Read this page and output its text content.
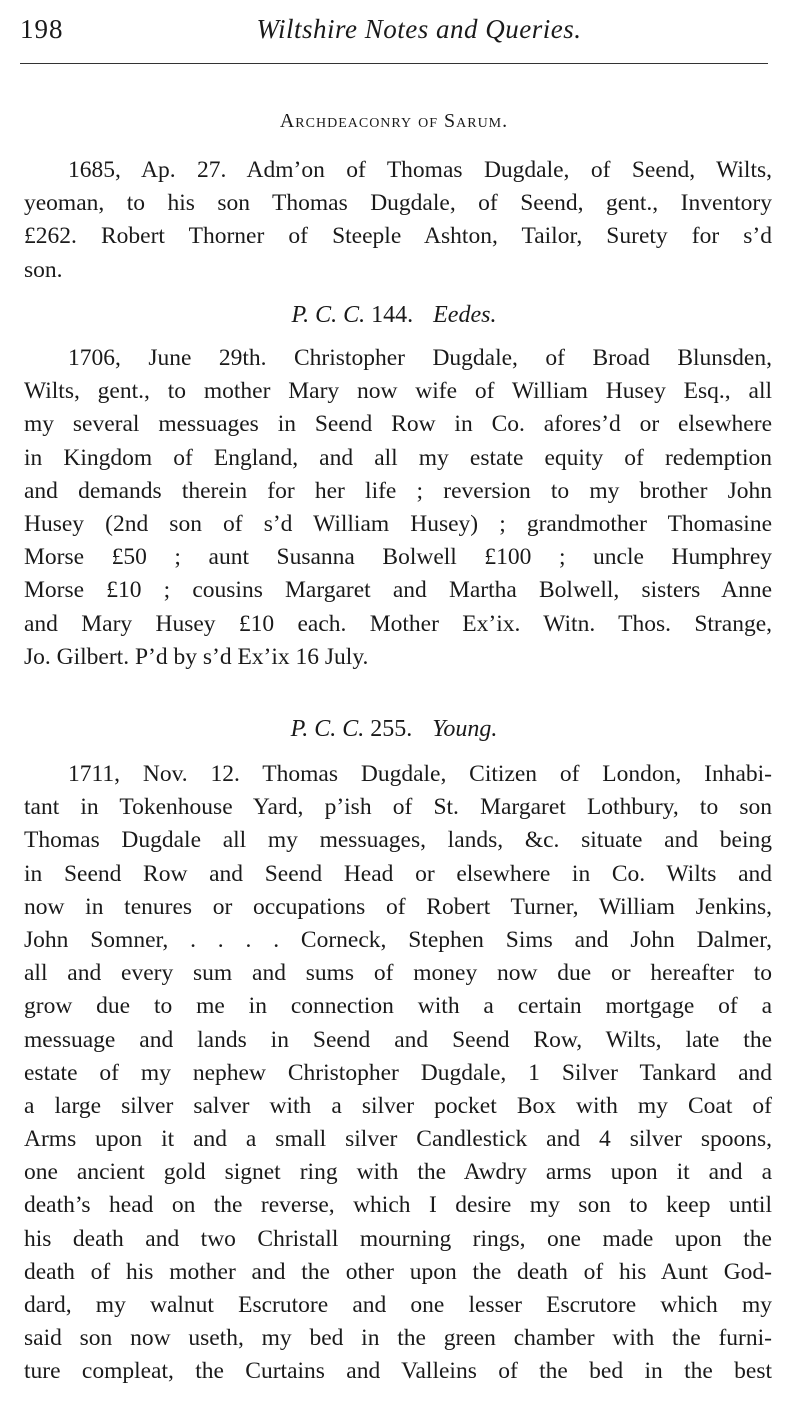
198	Wiltshire Notes and Queries.
Archdeaconry of Sarum.
1685, Ap. 27. Adm’on of Thomas Dugdale, of Seend, Wilts,
yeoman, to his son Thomas Dugdale, of Seend, gent., Inventory
£262. Robert Thorner of Steeple Ashton, Tailor, Surety for s’d
son.
P. C. C. 144. Eedes.
1706, June 29th. Christopher Dugdale, of Broad Blunsden,
Wilts, gent., to mother Mary now wife of William Husey Esq., all
my several messuages in Seend Row in Co. afores’d or elsewhere
in Kingdom of England, and all my estate equity of redemption
and demands therein for her life ; reversion to my brother John
Husey (2nd son of s’d William Husey) ; grandmother Thomasine
Morse £50 ; aunt Susanna Bolwell £100 ; uncle Humphrey
Morse £10 ; cousins Margaret and Martha Bolwell, sisters Anne
and Mary Husey £10 each. Mother Ex’ix. Witn. Thos. Strange,
Jo. Gilbert. P’d by s’d Ex’ix 16 July.
P. C. C. 255. Young.
1711, Nov. 12. Thomas Dugdale, Citizen of London, Inhabi-
tant in Tokenhouse Yard, p’ish of St. Margaret Lothbury, to son
Thomas Dugdale all my messuages, lands, &c. situate and being
in Seend Row and Seend Head or elsewhere in Co. Wilts and
now in tenures or occupations of Robert Turner, William Jenkins,
John Somner, . . . . Corneck, Stephen Sims and John Dalmer,
all and every sum and sums of money now due or hereafter to
grow due to me in connection with a certain mortgage of a
messuage and lands in Seend and Seend Row, Wilts, late the
estate of my nephew Christopher Dugdale, 1 Silver Tankard and
a large silver salver with a silver pocket Box with my Coat of
Arms upon it and a small silver Candlestick and 4 silver spoons,
one ancient gold signet ring with the Awdry arms upon it and a
death’s head on the reverse, which I desire my son to keep until
his death and two Christall mourning rings, one made upon the
death of his mother and the other upon the death of his Aunt God-
dard, my walnut Escrutore and one lesser Escrutore which my
said son now useth, my bed in the green chamber with the furni-
ture compleat, the Curtains and Valleins of the bed in the best
